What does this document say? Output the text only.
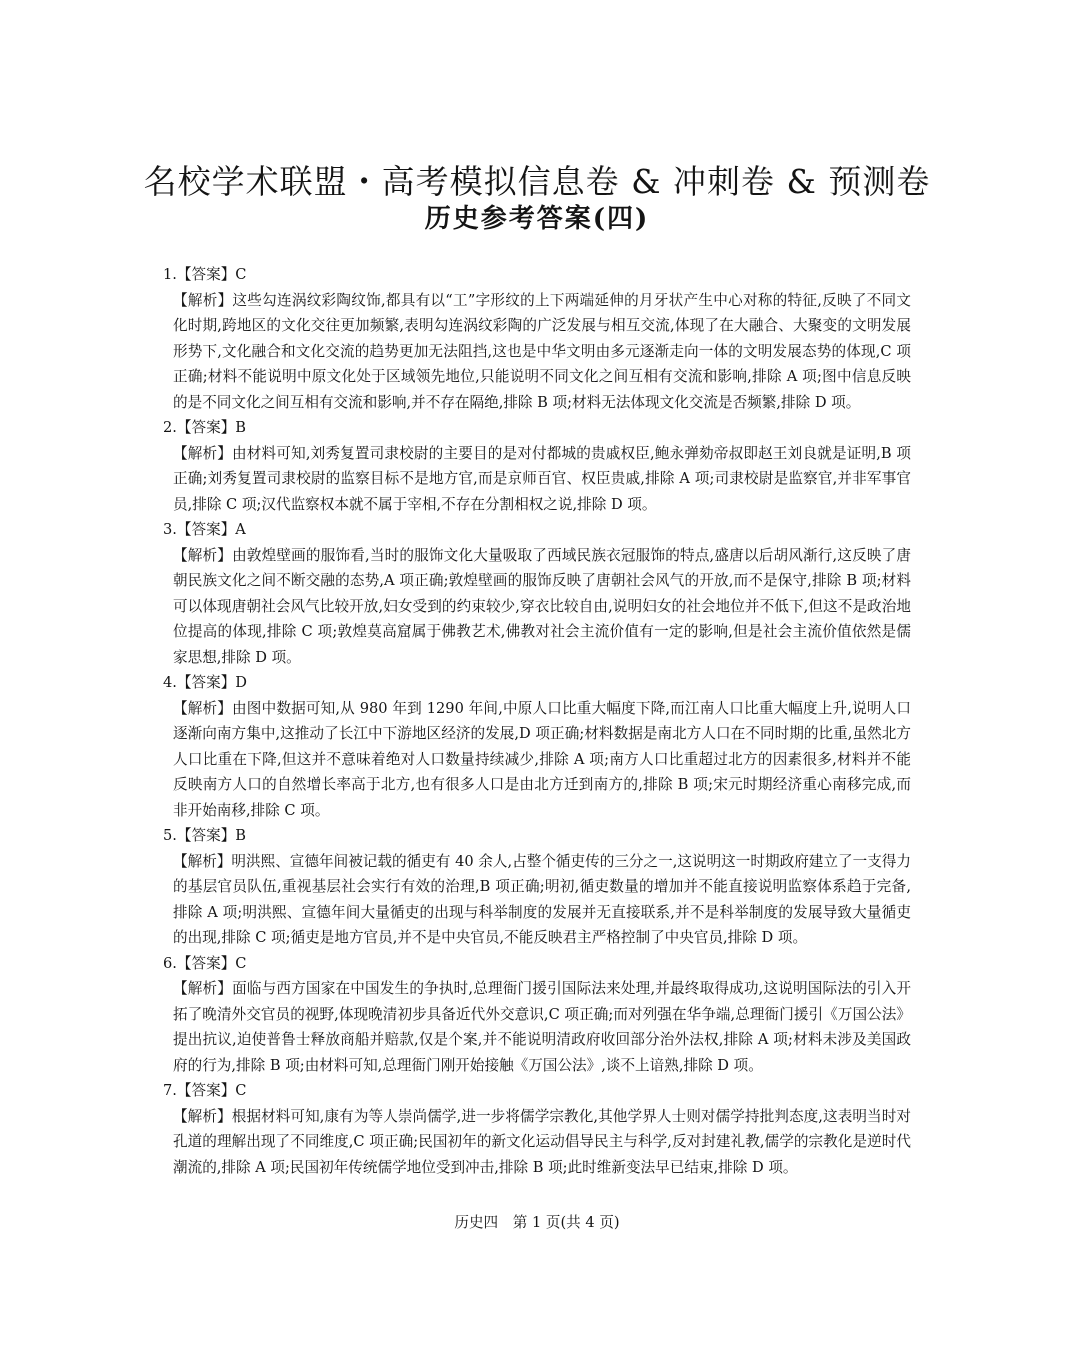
名校学术联盟・高考模拟信息卷 & 冲刺卷 & 预测卷
历史参考答案(四)
1.【答案】C
【解析】这些勾连涡纹彩陶纹饰,都具有以“工”字形纹的上下两端延伸的月牙状产生中心对称的特征,反映了不同文化时期,跨地区的文化交往更加频繁,表明勾连涡纹彩陶的广泛发展与相互交流,体现了在大融合、大聚变的文明发展形势下,文化融合和文化交流的趋势更加无法阻挡,这也是中华文明由多元逐渐走向一体的文明发展态势的体现,C 项正确;材料不能说明中原文化处于区域领先地位,只能说明不同文化之间互相有交流和影响,排除 A 项;图中信息反映的是不同文化之间互相有交流和影响,并不存在隔绝,排除 B 项;材料无法体现文化交流是否频繁,排除 D 项。
2.【答案】B
【解析】由材料可知,刘秀复置司隶校尉的主要目的是对付都城的贵戚权臣,鲍永弹劾帝叔即赵王刘良就是证明,B 项正确;刘秀复置司隶校尉的监察目标不是地方官,而是京师百官、权臣贵戚,排除 A 项;司隶校尉是监察官,并非军事官员,排除 C 项;汉代监察权本就不属于宰相,不存在分割相权之说,排除 D 项。
3.【答案】A
【解析】由敦煌壁画的服饰看,当时的服饰文化大量吸取了西域民族衣冠服饰的特点,盛唐以后胡风渐行,这反映了唐朝民族文化之间不断交融的态势,A 项正确;敦煌壁画的服饰反映了唐朝社会风气的开放,而不是保守,排除 B 项;材料可以体现唐朝社会风气比较开放,妇女受到的约束较少,穿衣比较自由,说明妇女的社会地位并不低下,但这不是政治地位提高的体现,排除 C 项;敦煌莫高窟属于佛教艺术,佛教对社会主流价值有一定的影响,但是社会主流价值依然是儒家思想,排除 D 项。
4.【答案】D
【解析】由图中数据可知,从 980 年到 1290 年间,中原人口比重大幅度下降,而江南人口比重大幅度上升,说明人口逐渐向南方集中,这推动了长江中下游地区经济的发展,D 项正确;材料数据是南北方人口在不同时期的比重,虽然北方人口比重在下降,但这并不意味着绝对人口数量持续减少,排除 A 项;南方人口比重超过北方的因素很多,材料并不能反映南方人口的自然增长率高于北方,也有很多人口是由北方迁到南方的,排除 B 项;宋元时期经济重心南移完成,而非开始南移,排除 C 项。
5.【答案】B
【解析】明洪熙、宣德年间被记载的循吏有 40 余人,占整个循吏传的三分之一,这说明这一时期政府建立了一支得力的基层官员队伍,重视基层社会实行有效的治理,B 项正确;明初,循吏数量的增加并不能直接说明监察体系趋于完备,排除 A 项;明洪熙、宣德年间大量循吏的出现与科举制度的发展并无直接联系,并不是科举制度的发展导致大量循吏的出现,排除 C 项;循吏是地方官员,并不是中央官员,不能反映君主严格控制了中央官员,排除 D 项。
6.【答案】C
【解析】面临与西方国家在中国发生的争执时,总理衙门援引国际法来处理,并最终取得成功,这说明国际法的引入开拓了晚清外交官员的视野,体现晚清初步具备近代外交意识,C 项正确;而对列强在华争端,总理衙门援引《万国公法》提出抗议,迫使普鲁士释放商船并赔款,仅是个案,并不能说明清政府收回部分治外法权,排除 A 项;材料未涉及美国政府的行为,排除 B 项;由材料可知,总理衙门刚开始接触《万国公法》,谈不上谙熟,排除 D 项。
7.【答案】C
【解析】根据材料可知,康有为等人崇尚儒学,进一步将儒学宗教化,其他学界人士则对儒学持批判态度,这表明当时对孔道的理解出现了不同维度,C 项正确;民国初年的新文化运动倡导民主与科学,反对封建礼教,儒学的宗教化是逆时代潮流的,排除 A 项;民国初年传统儒学地位受到冲击,排除 B 项;此时维新变法早已结束,排除 D 项。
历史四　第 1 页(共 4 页)
